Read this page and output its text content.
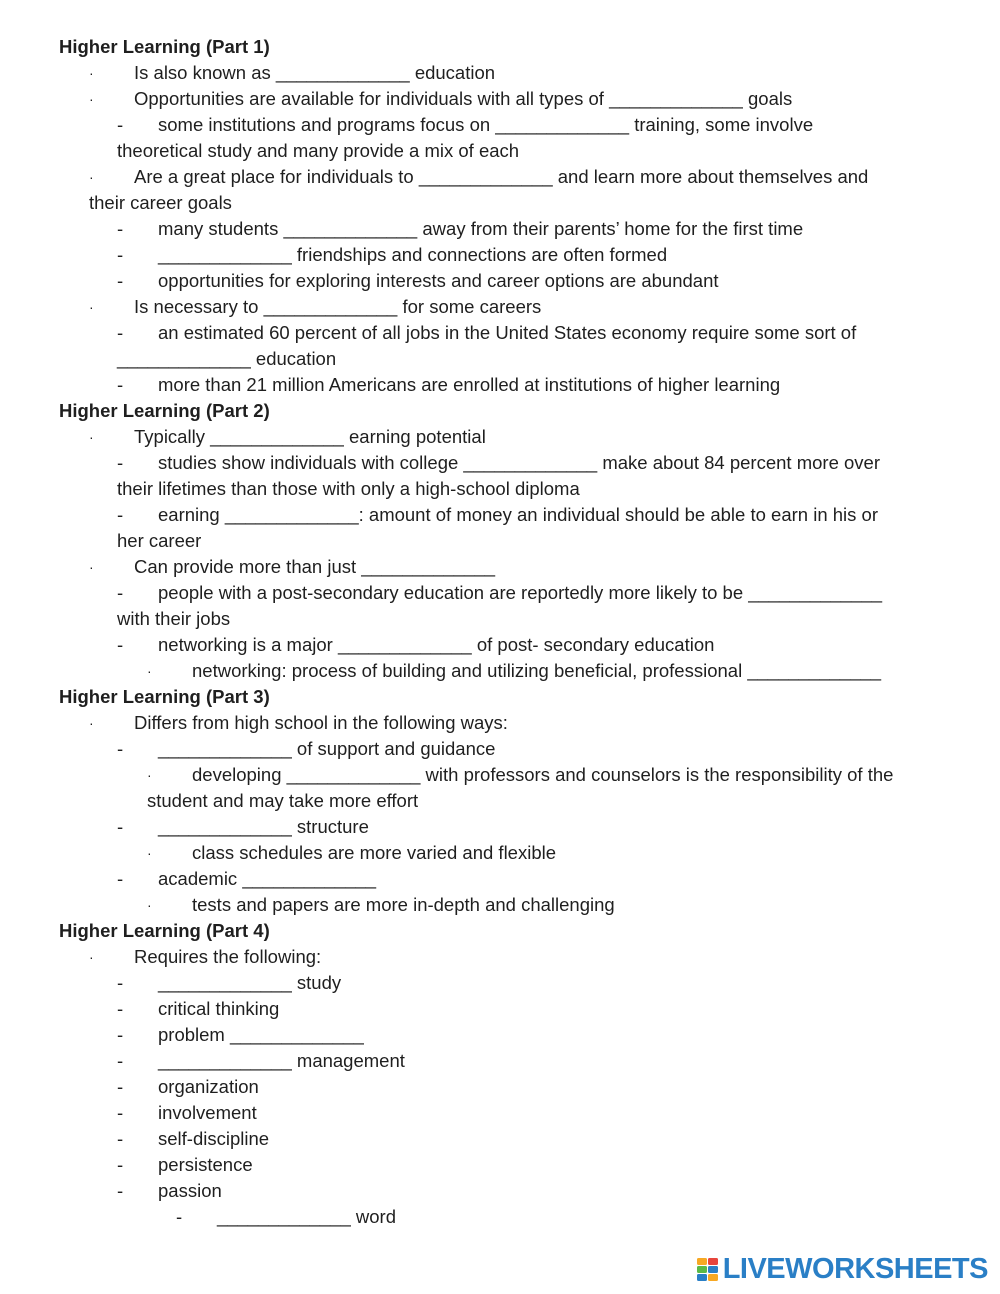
Higher Learning (Part 1)
· Is also known as _____________ education
· Opportunities are available for individuals with all types of _____________ goals
- some institutions and programs focus on _____________ training, some involve
theoretical study and many provide a mix of each
· Are a great place for individuals to _____________ and learn more about themselves and
their career goals
- many students _____________ away from their parents’ home for the first time
- _____________ friendships and connections are often formed
- opportunities for exploring interests and career options are abundant
· Is necessary to _____________ for some careers
- an estimated 60 percent of all jobs in the United States economy require some sort of
_____________ education
- more than 21 million Americans are enrolled at institutions of higher learning
Higher Learning (Part 2)
· Typically _____________ earning potential
- studies show individuals with college _____________ make about 84 percent more over
their lifetimes than those with only a high-school diploma
- earning _____________: amount of money an individual should be able to earn in his or
her career
· Can provide more than just _____________
- people with a post-secondary education are reportedly more likely to be _____________
with their jobs
- networking is a major _____________ of post- secondary education
· networking: process of building and utilizing beneficial, professional _____________
Higher Learning (Part 3)
· Differs from high school in the following ways:
- _____________ of support and guidance
· developing _____________ with professors and counselors is the responsibility of the
student and may take more effort
- _____________ structure
· class schedules are more varied and flexible
- academic _____________
· tests and papers are more in-depth and challenging
Higher Learning (Part 4)
· Requires the following:
- _____________ study
- critical thinking
- problem _____________
- _____________ management
- organization
- involvement
- self-discipline
- persistence
- passion
- _____________ word
LIVEWORKSHEETS
